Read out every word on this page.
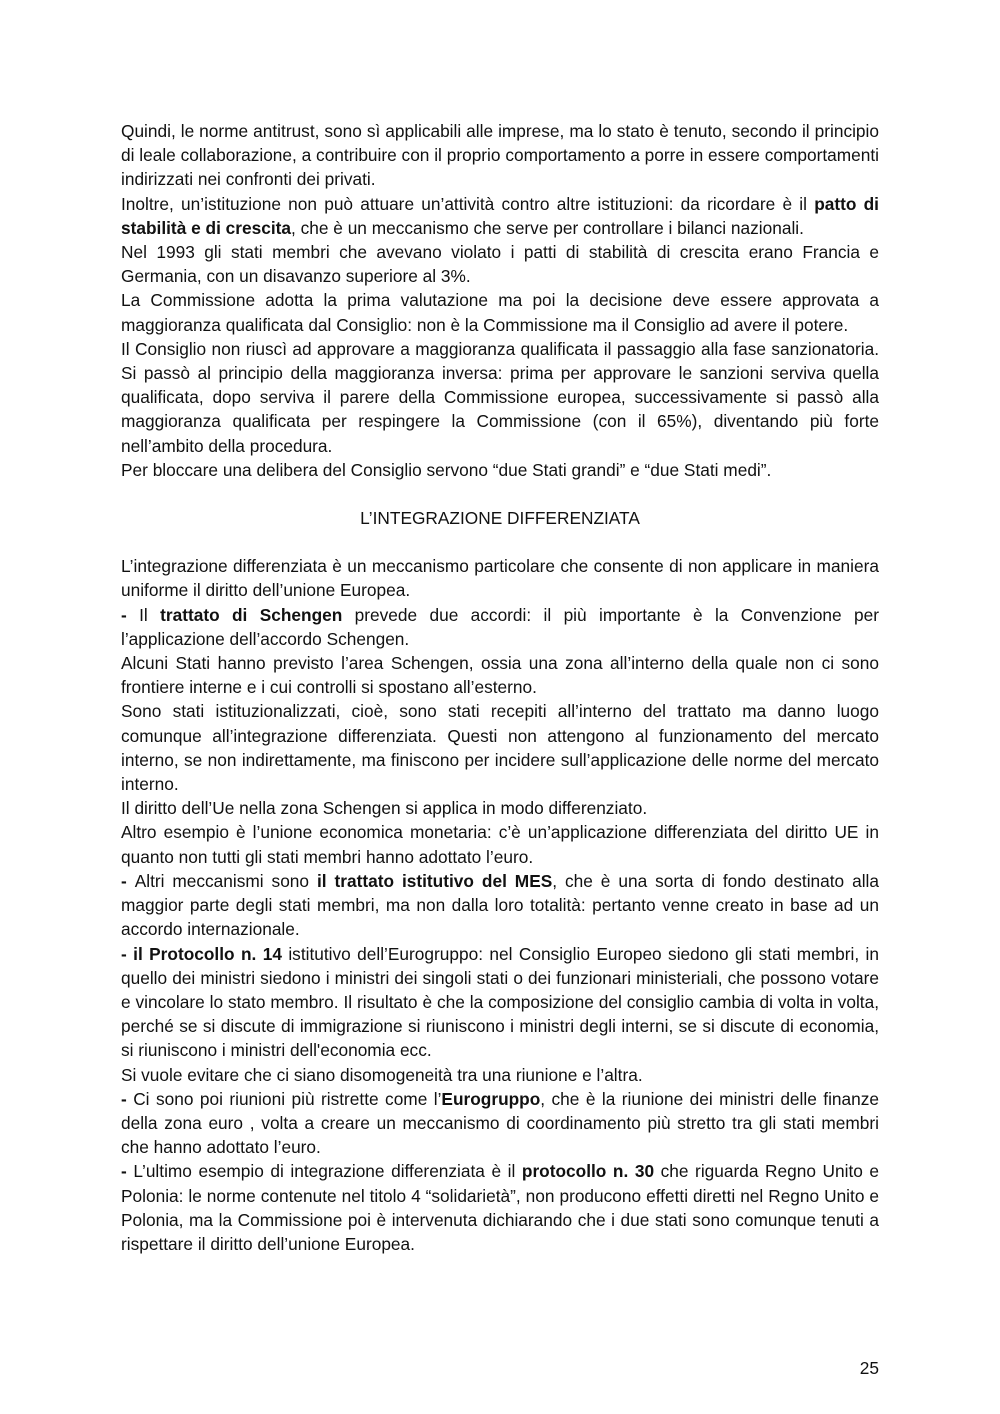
Quindi, le norme antitrust, sono sì applicabili alle imprese, ma lo stato è tenuto, secondo il principio di leale collaborazione, a contribuire con il proprio comportamento a porre in essere comportamenti indirizzati nei confronti dei privati.
Inoltre, un’istituzione non può attuare un’attività contro altre istituzioni: da ricordare è il patto di stabilità e di crescita, che è un meccanismo che serve per controllare i bilanci nazionali.
Nel 1993 gli stati membri che avevano violato i patti di stabilità di crescita erano Francia e Germania, con un disavanzo superiore al 3%.
La Commissione adotta la prima valutazione ma poi la decisione deve essere approvata a maggioranza qualificata dal Consiglio: non è la Commissione ma il Consiglio ad avere il potere.
Il Consiglio non riuscì ad approvare a maggioranza qualificata il passaggio alla fase sanzionatoria. Si passò al principio della maggioranza inversa: prima per approvare le sanzioni serviva quella qualificata, dopo serviva il parere della Commissione europea, successivamente si passò alla maggioranza qualificata per respingere la Commissione (con il 65%), diventando più forte nell’ambito della procedura.
Per bloccare una delibera del Consiglio servono “due Stati grandi” e “due Stati medi”.
L’INTEGRAZIONE DIFFERENZIATA
L’integrazione differenziata è un meccanismo particolare che consente di non applicare in maniera uniforme il diritto dell’unione Europea.
- Il trattato di Schengen prevede due accordi: il più importante è la Convenzione per l’applicazione dell’accordo Schengen.
Alcuni Stati hanno previsto l’area Schengen, ossia una zona all’interno della quale non ci sono frontiere interne e i cui controlli si spostano all’esterno.
Sono stati istituzionalizzati, cioè, sono stati recepiti all’interno del trattato ma danno luogo comunque all’integrazione differenziata. Questi non attengono al funzionamento del mercato interno, se non indirettamente, ma finiscono per incidere sull’applicazione delle norme del mercato interno.
Il diritto dell’Ue nella zona Schengen si applica in modo differenziato.
Altro esempio è l’unione economica monetaria: c’è un’applicazione differenziata del diritto UE in quanto non tutti gli stati membri hanno adottato l’euro.
- Altri meccanismi sono il trattato istitutivo del MES, che è una sorta di fondo destinato alla maggior parte degli stati membri, ma non dalla loro totalità: pertanto venne creato in base ad un accordo internazionale.
- il Protocollo n. 14 istitutivo dell’Eurogruppo: nel Consiglio Europeo siedono gli stati membri, in quello dei ministri siedono i ministri dei singoli stati o dei funzionari ministeriali, che possono votare e vincolare lo stato membro. Il risultato è che la composizione del consiglio cambia di volta in volta, perché se si discute di immigrazione si riuniscono i ministri degli interni, se si discute di economia, si riuniscono i ministri dell'economia ecc.
Si vuole evitare che ci siano disomogeneità tra una riunione e l’altra.
- Ci sono poi riunioni più ristrette come l’Eurogruppo, che è la riunione dei ministri delle finanze della zona euro , volta a creare un meccanismo di coordinamento più stretto tra gli stati membri che hanno adottato l’euro.
- L’ultimo esempio di integrazione differenziata è il protocollo n. 30 che riguarda Regno Unito e Polonia: le norme contenute nel titolo 4 “solidarietà”, non producono effetti diretti nel Regno Unito e Polonia, ma la Commissione poi è intervenuta dichiarando che i due stati sono comunque tenuti a rispettare il diritto dell’unione Europea.
25
